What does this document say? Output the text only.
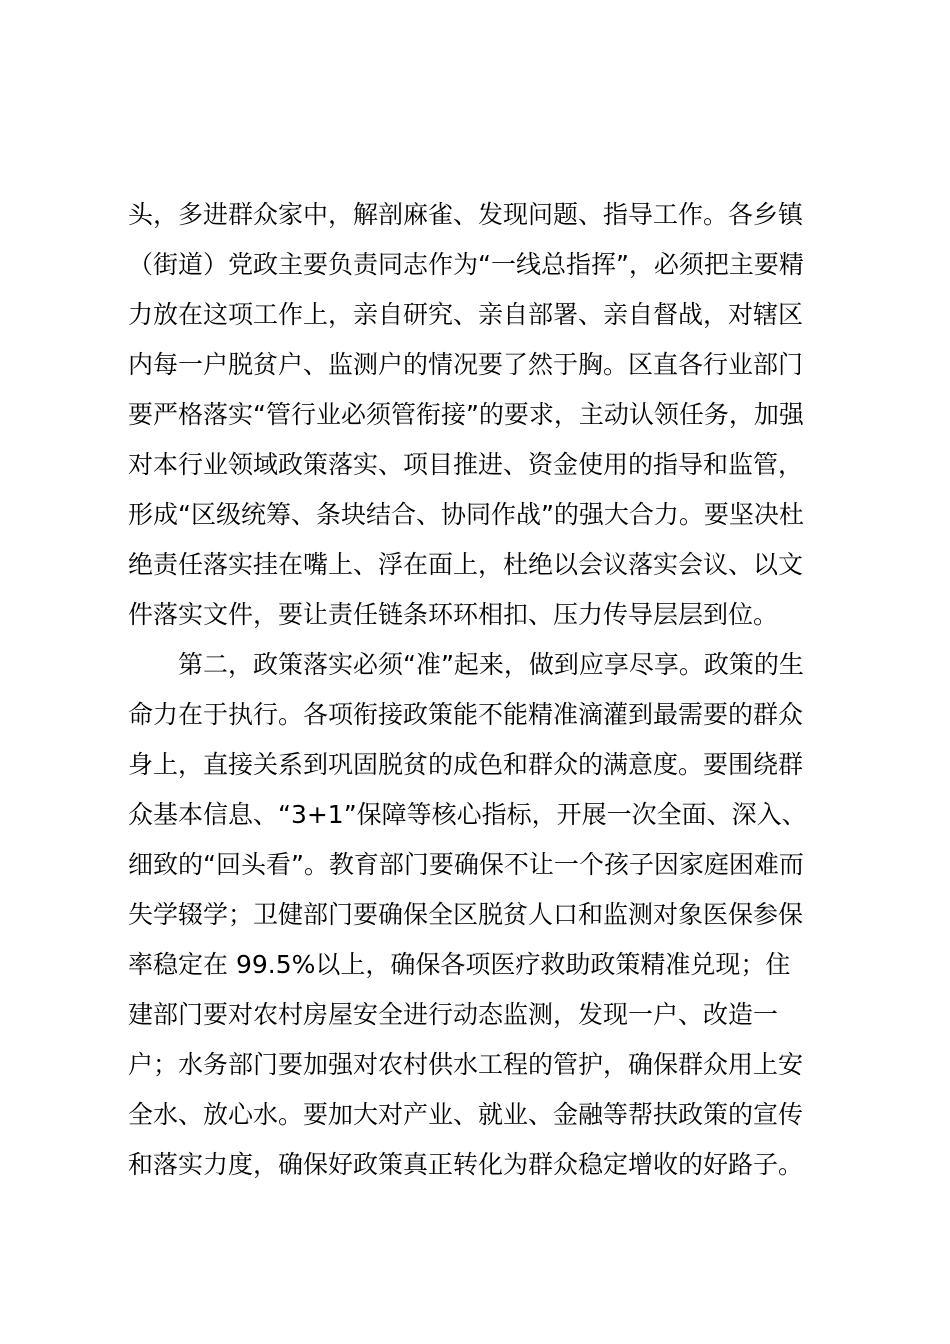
头，多进群众家中，解剖麻雀、发现问题、指导工作。各乡镇

（街道）党政主要负责同志作为“一线总指挥”，必须把主要精

力放在这项工作上，亲自研究、亲自部署、亲自督战，对辖区

内每一户脱贫户、监测户的情况要了然于胸。区直各行业部门

要严格落实“管行业必须管衔接”的要求，主动认领任务，加强

对本行业领域政策落实、项目推进、资金使用的指导和监管，

形成“区级统筹、条块结合、协同作战”的强大合力。要坚决杜

绝责任落实挂在嘴上、浮在面上，杜绝以会议落实会议、以文

件落实文件，要让责任链条环环相扣、压力传导层层到位。

第二，政策落实必须“准”起来，做到应享尽享。政策的生

命力在于执行。各项衔接政策能不能精准滴灌到最需要的群众

身上，直接关系到巩固脱贫的成色和群众的满意度。要围绕群

众基本信息、“3+1”保障等核心指标，开展一次全面、深入、

细致的“回头看”。教育部门要确保不让一个孩子因家庭困难而

失学辍学；卫健部门要确保全区脱贫人口和监测对象医保参保

率稳定在 99.5%以上，确保各项医疗救助政策精准兑现；住

建部门要对农村房屋安全进行动态监测，发现一户、改造一

户；水务部门要加强对农村供水工程的管护，确保群众用上安

全水、放心水。要加大对产业、就业、金融等帮扶政策的宣传

和落实力度，确保好政策真正转化为群众稳定增收的好路子。
